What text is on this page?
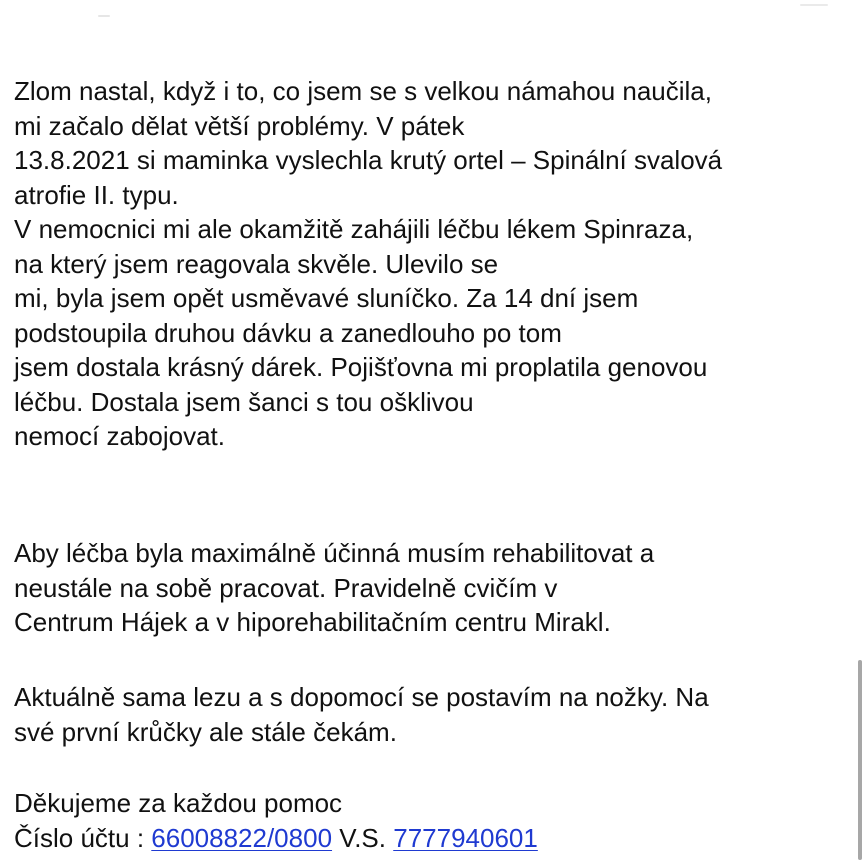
Zlom nastal, když i to, co jsem se s velkou námahou naučila,
mi začalo dělat větší problémy. V pátek
13.8.2021 si maminka vyslechla krutý ortel – Spinální svalová
atrofie II. typu.
V nemocnici mi ale okamžitě zahájili léčbu lékem Spinraza,
na který jsem reagovala skvěle. Ulevilo se
mi, byla jsem opět usměvavé sluníčko. Za 14 dní jsem
podstoupila druhou dávku a zanedlouho po tom
jsem dostala krásný dárek. Pojišťovna mi proplatila genovou
léčbu. Dostala jsem šanci s tou ošklivou
nemocí zabojovat.
Aby léčba byla maximálně účinná musím rehabilitovat a
neustále na sobě pracovat. Pravidelně cvičím v
Centrum Hájek a v hiporehabilitačním centru Mirakl.
Aktuálně sama lezu a s dopomocí se postavím na nožky. Na
své první krůčky ale stále čekám.
Děkujeme za každou pomoc
Číslo účtu : 66008822/0800 V.S. 7777940601
